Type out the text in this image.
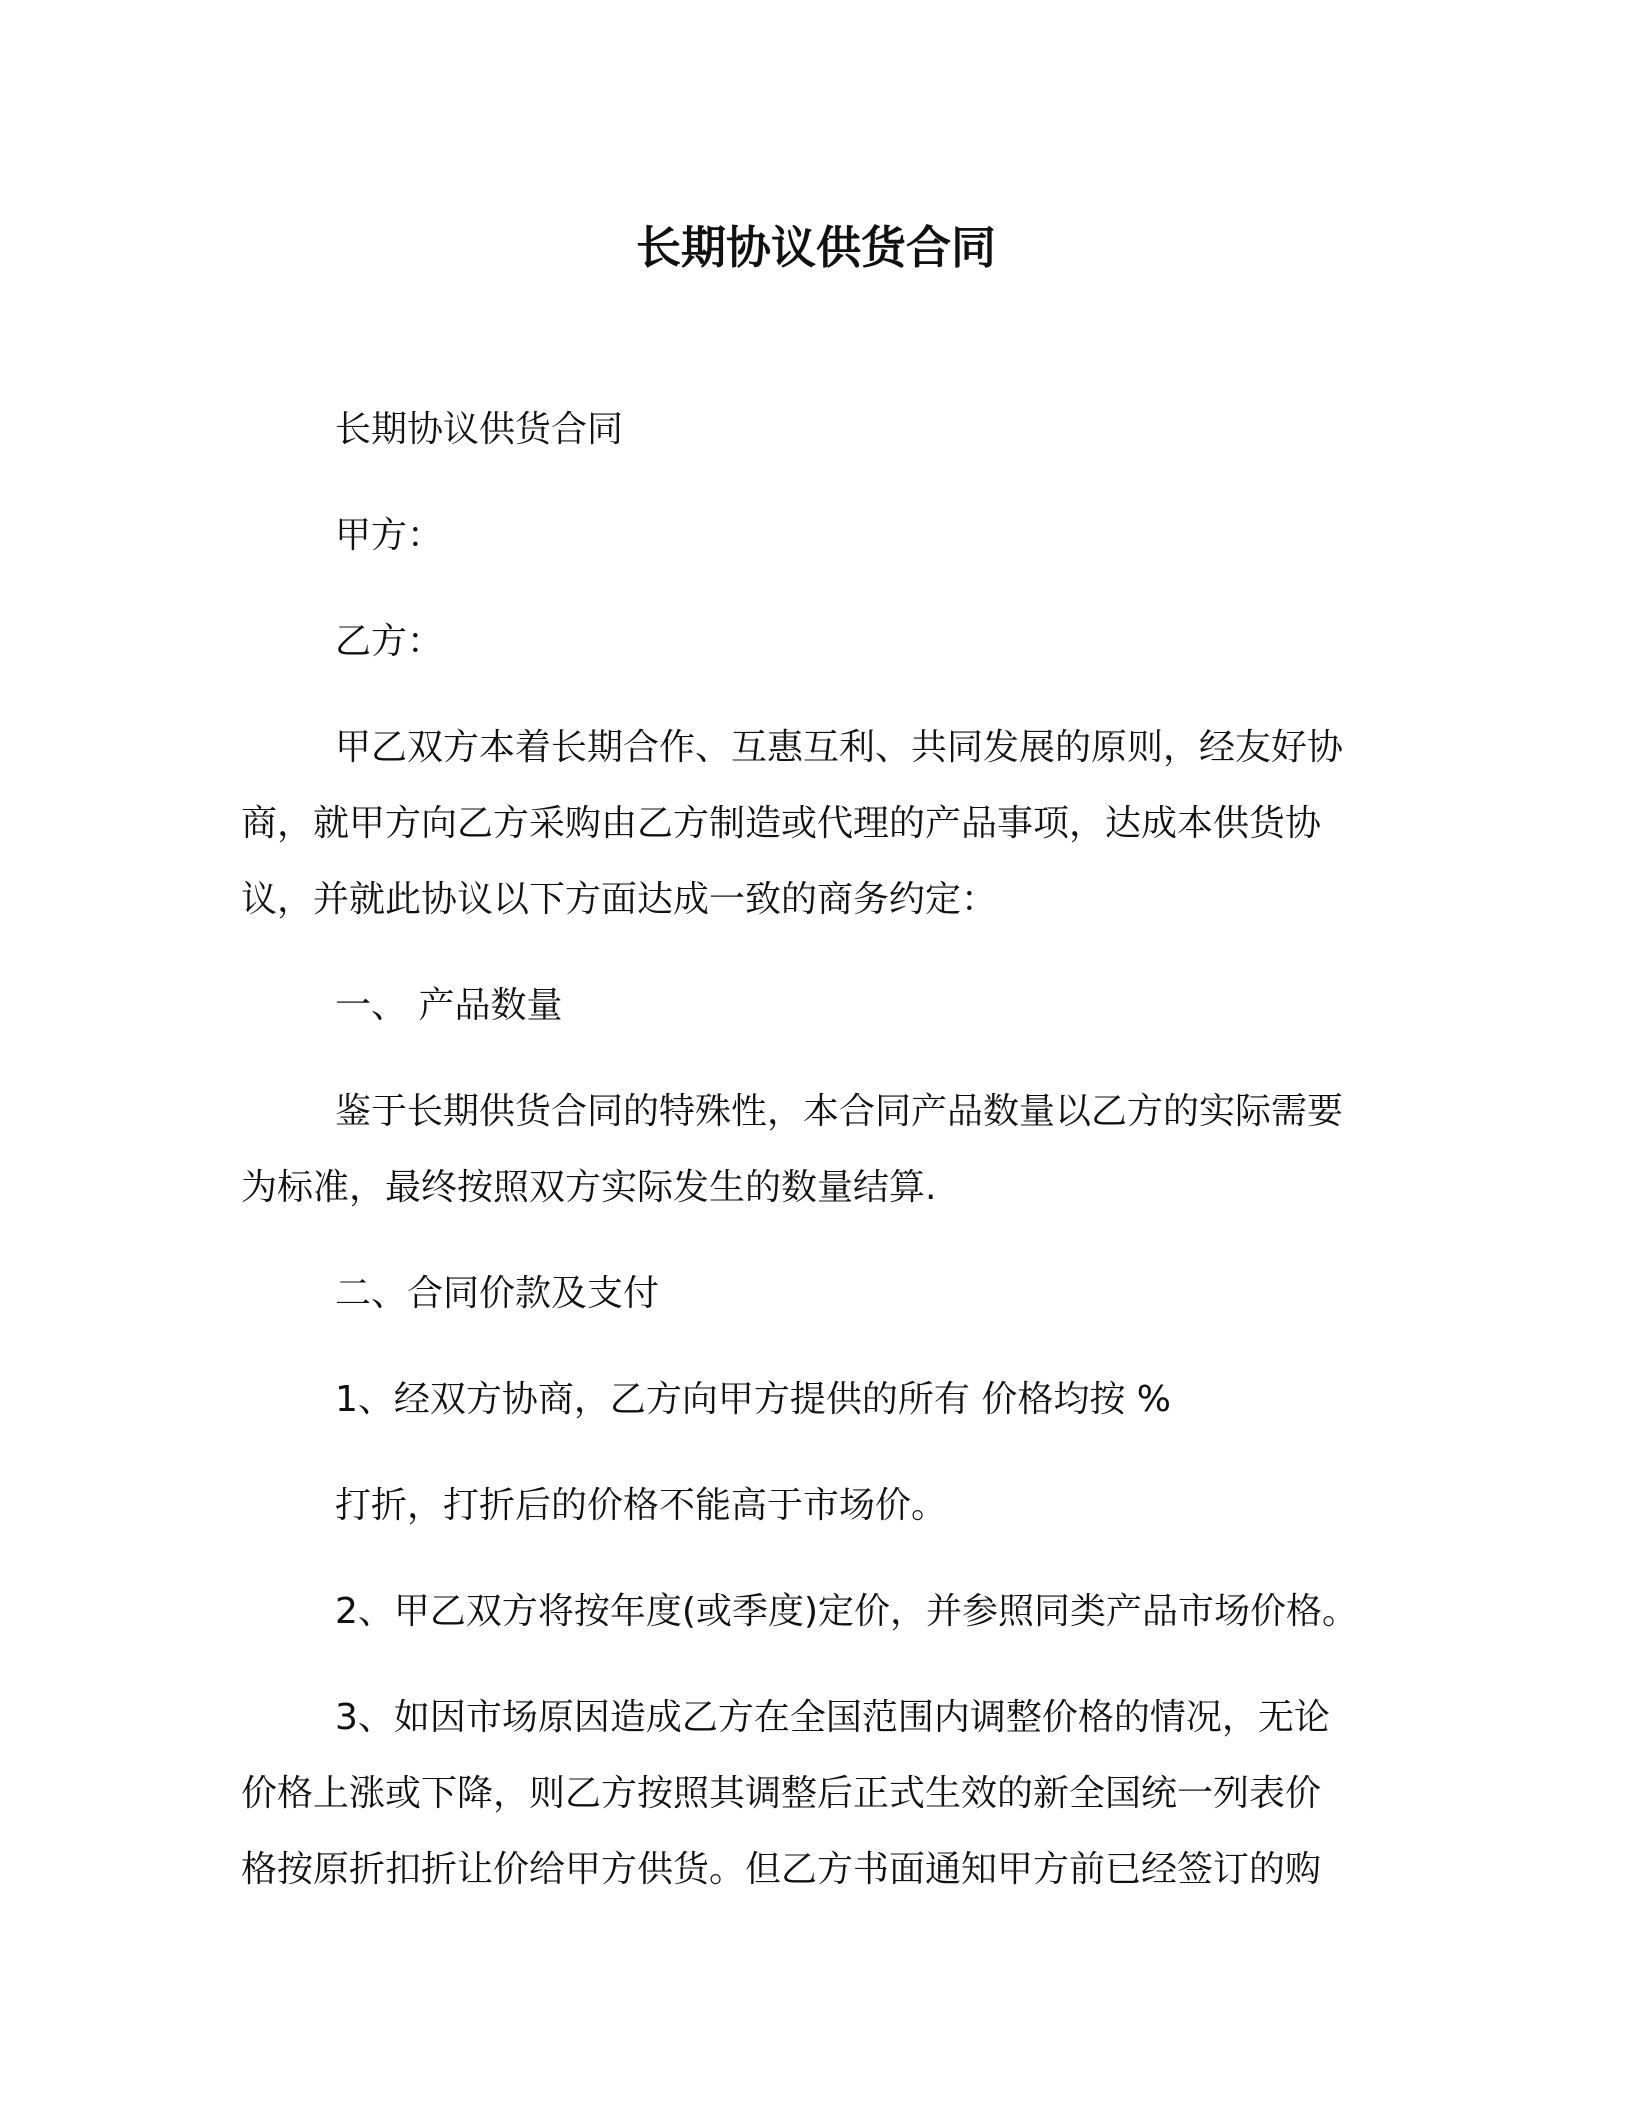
长期协议供货合同
长期协议供货合同
甲方：
乙方：
甲乙双方本着长期合作、互惠互利、共同发展的原则，经友好协
商，就甲方向乙方采购由乙方制造或代理的产品事项，达成本供货协
议，并就此协议以下方面达成一致的商务约定：
一、 产品数量
鉴于长期供货合同的特殊性，本合同产品数量以乙方的实际需要
为标准，最终按照双方实际发生的数量结算.
二、合同价款及支付
1、经双方协商，乙方向甲方提供的所有 价格均按 %
打折，打折后的价格不能高于市场价。
2、甲乙双方将按年度(或季度)定价，并参照同类产品市场价格。
3、如因市场原因造成乙方在全国范围内调整价格的情况，无论
价格上涨或下降，则乙方按照其调整后正式生效的新全国统一列表价
格按原折扣折让价给甲方供货。但乙方书面通知甲方前已经签订的购
